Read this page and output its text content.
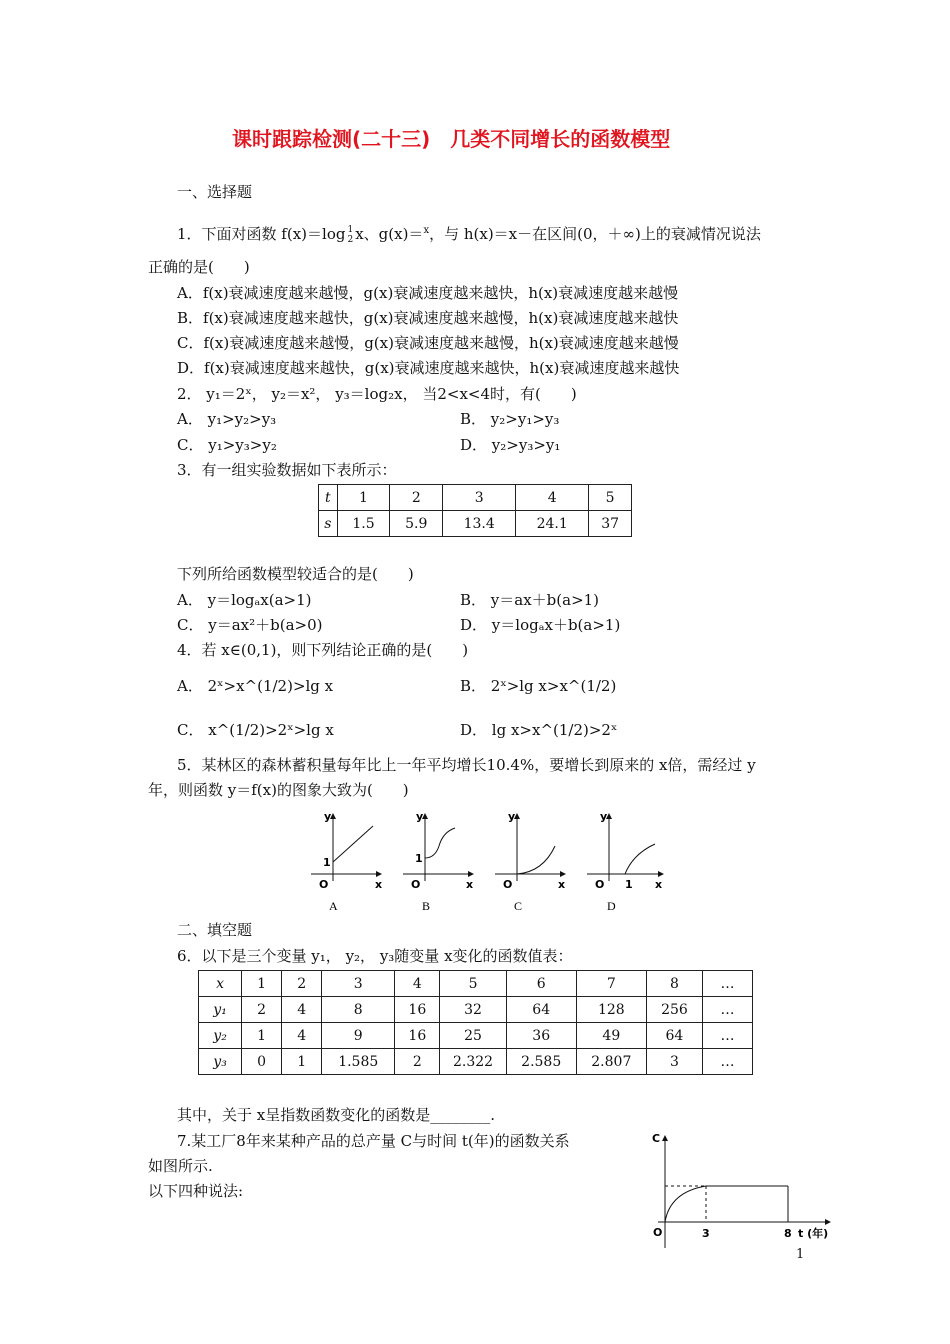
课时跟踪检测(二十三)　几类不同增长的函数模型
一、选择题
1．下面对函数 f(x)＝log 1
2 x、g(x)＝$^x$，与 h(x)＝x－在区间(0，＋∞)上的衰减情况说法
正确的是(　　)
A．f(x)衰减速度越来越慢，g(x)衰减速度越来越快，h(x)衰减速度越来越慢
B．f(x)衰减速度越来越快，g(x)衰减速度越来越慢，h(x)衰减速度越来越快
C．f(x)衰减速度越来越慢，g(x)衰减速度越来越慢，h(x)衰减速度越来越慢
D．f(x)衰减速度越来越快，g(x)衰减速度越来越快，h(x)衰减速度越来越快
2． y₁＝2ˣ， y₂＝x²， y₃＝log₂x， 当2<x<4时，有(　　)
A． y₁>y₂>y₃	B． y₂>y₁>y₃
C． y₁>y₃>y₂	D． y₂>y₃>y₁
3．有一组实验数据如下表所示：
t	1	2	3	4	5
s	1.5	5.9	13.4	24.1	37
下列所给函数模型较适合的是(　　)
A． y＝logₐx(a>1)	B． y＝ax＋b(a>1)
C． y＝ax²＋b(a>0)	D． y＝logₐx＋b(a>1)
4．若 x∈(0,1)，则下列结论正确的是(　　)
A． 2ˣ>x^(1/2)>lg x	B． 2ˣ>lg x>x^(1/2)
C． x^(1/2)>2ˣ>lg x	D． lg x>x^(1/2)>2ˣ
5．某林区的森林蓄积量每年比上一年平均增长10.4%，要增长到原来的 x倍，需经过 y
年，则函数 y＝f(x)的图象大致为(　　)
y
x
O
1
A
y
x
O
1
B
y
x
O
C
y
x
O 1
D
二、填空题
6．以下是三个变量 y₁， y₂， y₃随变量 x变化的函数值表：
x	1	2	3	4	5	6	7	8	…
y₁	2	4	8	16	32	64	128	256	…
y₂	1	4	9	16	25	36	49	64	…
y₃	0	1	1.585	2	2.322	2.585	2.807	3	…
其中，关于 x呈指数函数变化的函数是________.
7.某工厂8年来某种产品的总产量 C与时间 t(年)的函数关系
如图所示.
以下四种说法:
C
O	3	8 t (年)
1
